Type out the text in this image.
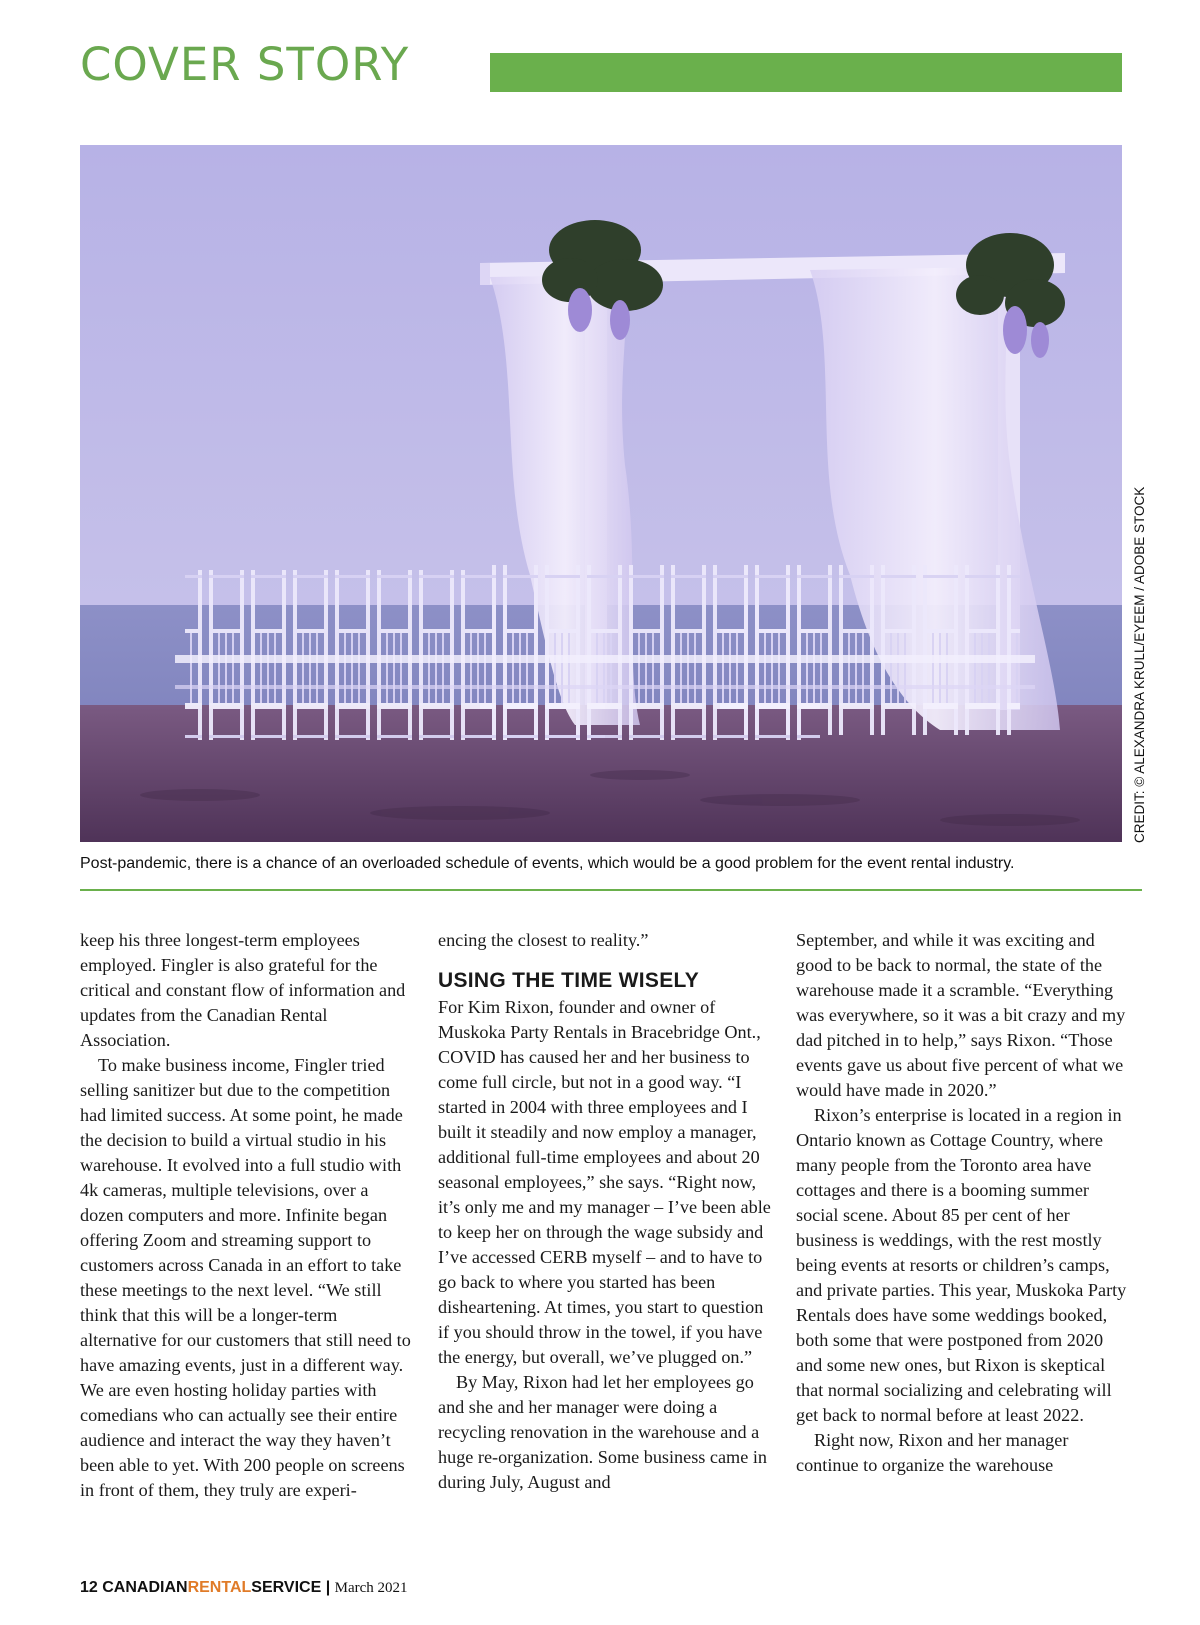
COVER STORY
CREDIT: © ALEXANDRA KRULL/EYEEM / ADOBE STOCK
Post-pandemic, there is a chance of an overloaded schedule of events, which would be a good problem for the event rental industry.

keep his three longest-term employees employed. Fingler is also grateful for the critical and constant flow of information and updates from the Canadian Rental Association.

To make business income, Fingler tried selling sanitizer but due to the competition had limited success. At some point, he made the decision to build a virtual studio in his warehouse. It evolved into a full studio with 4k cameras, multiple televisions, over a dozen computers and more. Infinite began offering Zoom and streaming support to customers across Canada in an effort to take these meetings to the next level. “We still think that this will be a longer-term alternative for our customers that still need to have amazing events, just in a different way. We are even hosting holiday parties with comedians who can actually see their entire audience and interact the way they haven’t been able to yet. With 200 people on screens in front of them, they truly are experi-

encing the closest to reality.”

USING THE TIME WISELY

For Kim Rixon, founder and owner of Muskoka Party Rentals in Bracebridge Ont., COVID has caused her and her business to come full circle, but not in a good way. “I started in 2004 with three employees and I built it steadily and now employ a manager, additional full-time employees and about 20 seasonal employees,” she says. “Right now, it’s only me and my manager – I’ve been able to keep her on through the wage subsidy and I’ve accessed CERB myself – and to have to go back to where you started has been disheartening. At times, you start to question if you should throw in the towel, if you have the energy, but overall, we’ve plugged on.”

By May, Rixon had let her employees go and she and her manager were doing a recycling renovation in the warehouse and a huge re-organization. Some business came in during July, August and

September, and while it was exciting and good to be back to normal, the state of the warehouse made it a scramble. “Everything was everywhere, so it was a bit crazy and my dad pitched in to help,” says Rixon. “Those events gave us about five percent of what we would have made in 2020.”

Rixon’s enterprise is located in a region in Ontario known as Cottage Country, where many people from the Toronto area have cottages and there is a booming summer social scene. About 85 per cent of her business is weddings, with the rest mostly being events at resorts or children’s camps, and private parties. This year, Muskoka Party Rentals does have some weddings booked, both some that were postponed from 2020 and some new ones, but Rixon is skeptical that normal socializing and celebrating will get back to normal before at least 2022.

Right now, Rixon and her manager continue to organize the warehouse

12 CANADIANRENTALSERVICE | March 2021
